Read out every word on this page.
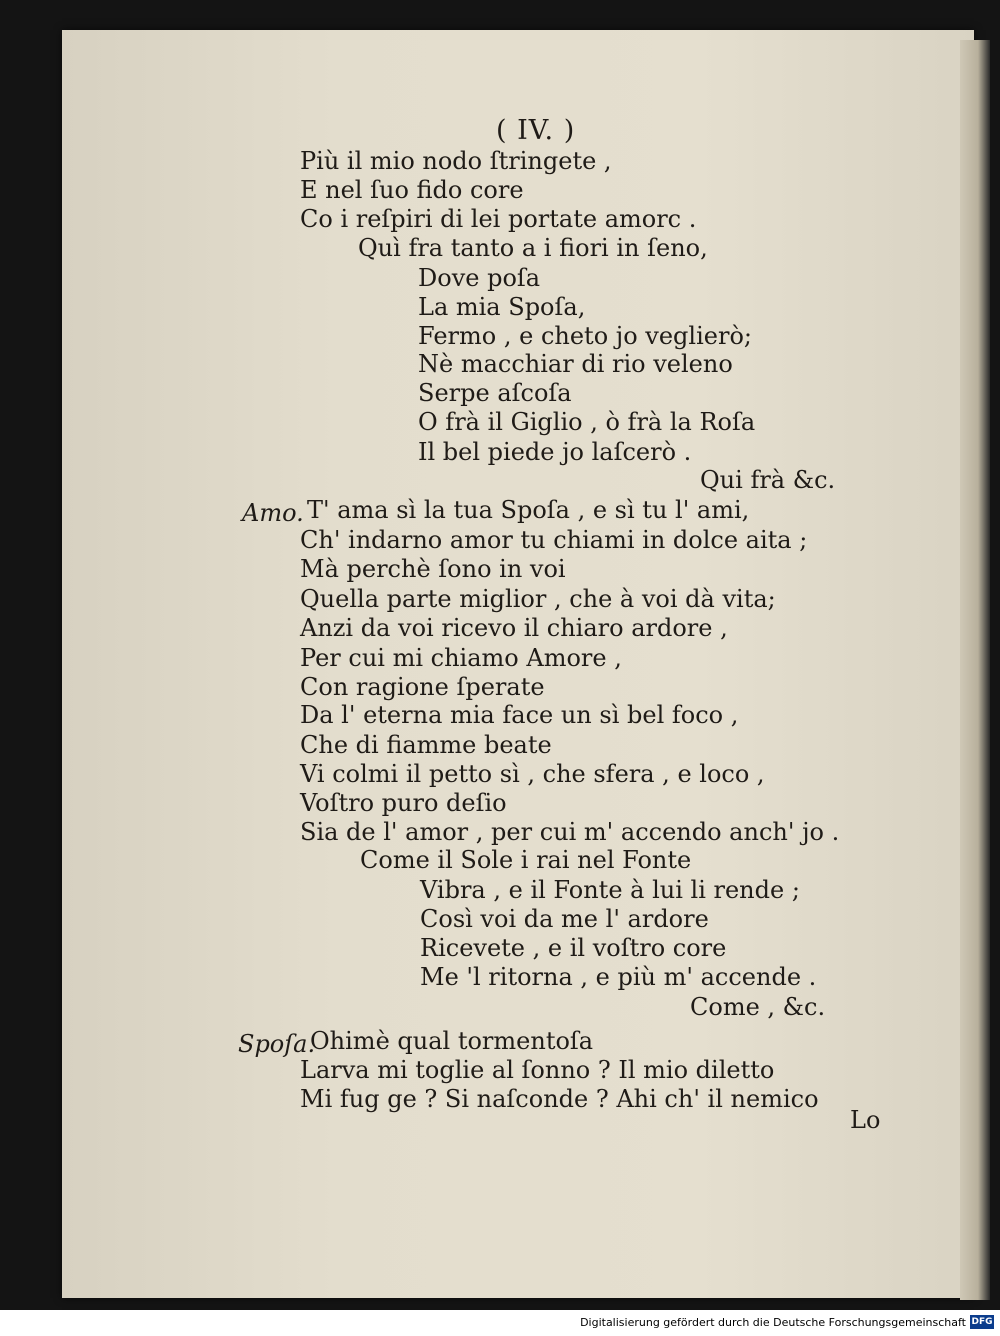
( IV. )
Più il mio nodo ſtringete ,
E nel ſuo fido core
Co i reſpiri di lei portate amorc .
Quì fra tanto a i fiori in ſeno,
Dove poſa
La mia Spoſa,
Fermo , e cheto jo veglierò;
Nè macchiar di rio veleno
Serpe aſcoſa
O frà il Giglio , ò frà la Roſa
Il bel piede jo laſcerò .
Qui frà &c.
Amo. T' ama sì la tua Spoſa , e sì tu l' ami,
Ch' indarno amor tu chiami in dolce aita ;
Mà perchè ſono in voi
Quella parte miglior , che à voi dà vita;
Anzi da voi ricevo il chiaro ardore ,
Per cui mi chiamo Amore ,
Con ragione ſperate
Da l' eterna mia face un sì bel foco ,
Che di fiamme beate
Vi colmi il petto sì , che sfera , e loco ,
Voſtro puro deſio
Sia de l' amor , per cui m' accendo anch' jo .
Come il Sole i rai nel Fonte
Vibra , e il Fonte à lui li rende ;
Così voi da me l' ardore
Ricevete , e il voſtro core
Me 'l ritorna , e più m' accende .
Come , &c.
Spoſa.
Ohimè qual tormentoſa
Larva mi toglie al ſonno ? Il mio diletto
Mi fug ge ? Si naſconde ? Ahi ch' il nemico
Lo
Digitalisierung gefördert durch die Deutsche Forschungsgemeinschaft DFG
